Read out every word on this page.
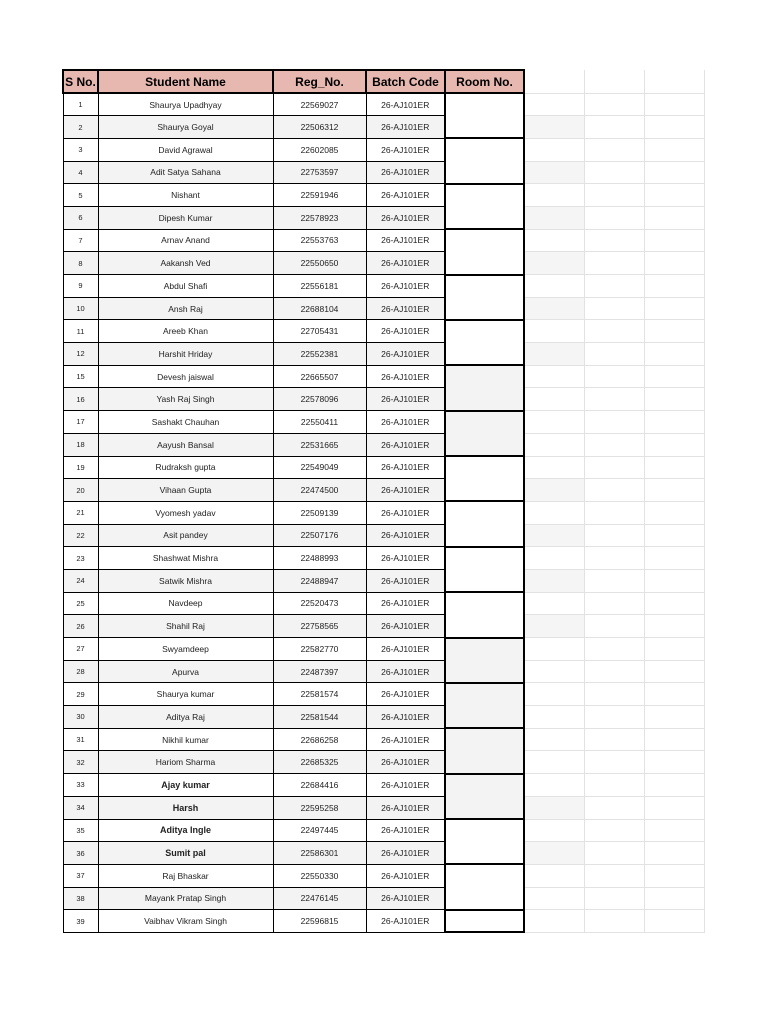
S No.	Student Name	Reg_No.	Batch Code	Room No.			
1	Shaurya Upadhyay	22569027	26-AJ101ER				
2	Shaurya Goyal	22506312	26-AJ101ER				
3	David Agrawal	22602085	26-AJ101ER				
4	Adit Satya Sahana	22753597	26-AJ101ER				
5	Nishant	22591946	26-AJ101ER				
6	Dipesh Kumar	22578923	26-AJ101ER				
7	Arnav Anand	22553763	26-AJ101ER				
8	Aakansh Ved	22550650	26-AJ101ER				
9	Abdul Shafi	22556181	26-AJ101ER				
10	Ansh Raj	22688104	26-AJ101ER				
11	Areeb Khan	22705431	26-AJ101ER				
12	Harshit Hriday	22552381	26-AJ101ER				
15	Devesh jaiswal	22665507	26-AJ101ER				
16	Yash Raj Singh	22578096	26-AJ101ER				
17	Sashakt Chauhan	22550411	26-AJ101ER				
18	Aayush Bansal	22531665	26-AJ101ER				
19	Rudraksh gupta	22549049	26-AJ101ER				
20	Vihaan Gupta	22474500	26-AJ101ER				
21	Vyomesh yadav	22509139	26-AJ101ER				
22	Asit pandey	22507176	26-AJ101ER				
23	Shashwat Mishra	22488993	26-AJ101ER				
24	Satwik Mishra	22488947	26-AJ101ER				
25	Navdeep	22520473	26-AJ101ER				
26	Shahil Raj	22758565	26-AJ101ER				
27	Swyamdeep	22582770	26-AJ101ER				
28	Apurva	22487397	26-AJ101ER				
29	Shaurya kumar	22581574	26-AJ101ER				
30	Aditya Raj	22581544	26-AJ101ER				
31	Nikhil kumar	22686258	26-AJ101ER				
32	Hariom Sharma	22685325	26-AJ101ER				
33	Ajay kumar	22684416	26-AJ101ER				
34	Harsh	22595258	26-AJ101ER				
35	Aditya Ingle	22497445	26-AJ101ER				
36	Sumit pal	22586301	26-AJ101ER				
37	Raj Bhaskar	22550330	26-AJ101ER				
38	Mayank Pratap Singh	22476145	26-AJ101ER				
39	Vaibhav Vikram Singh	22596815	26-AJ101ER				
